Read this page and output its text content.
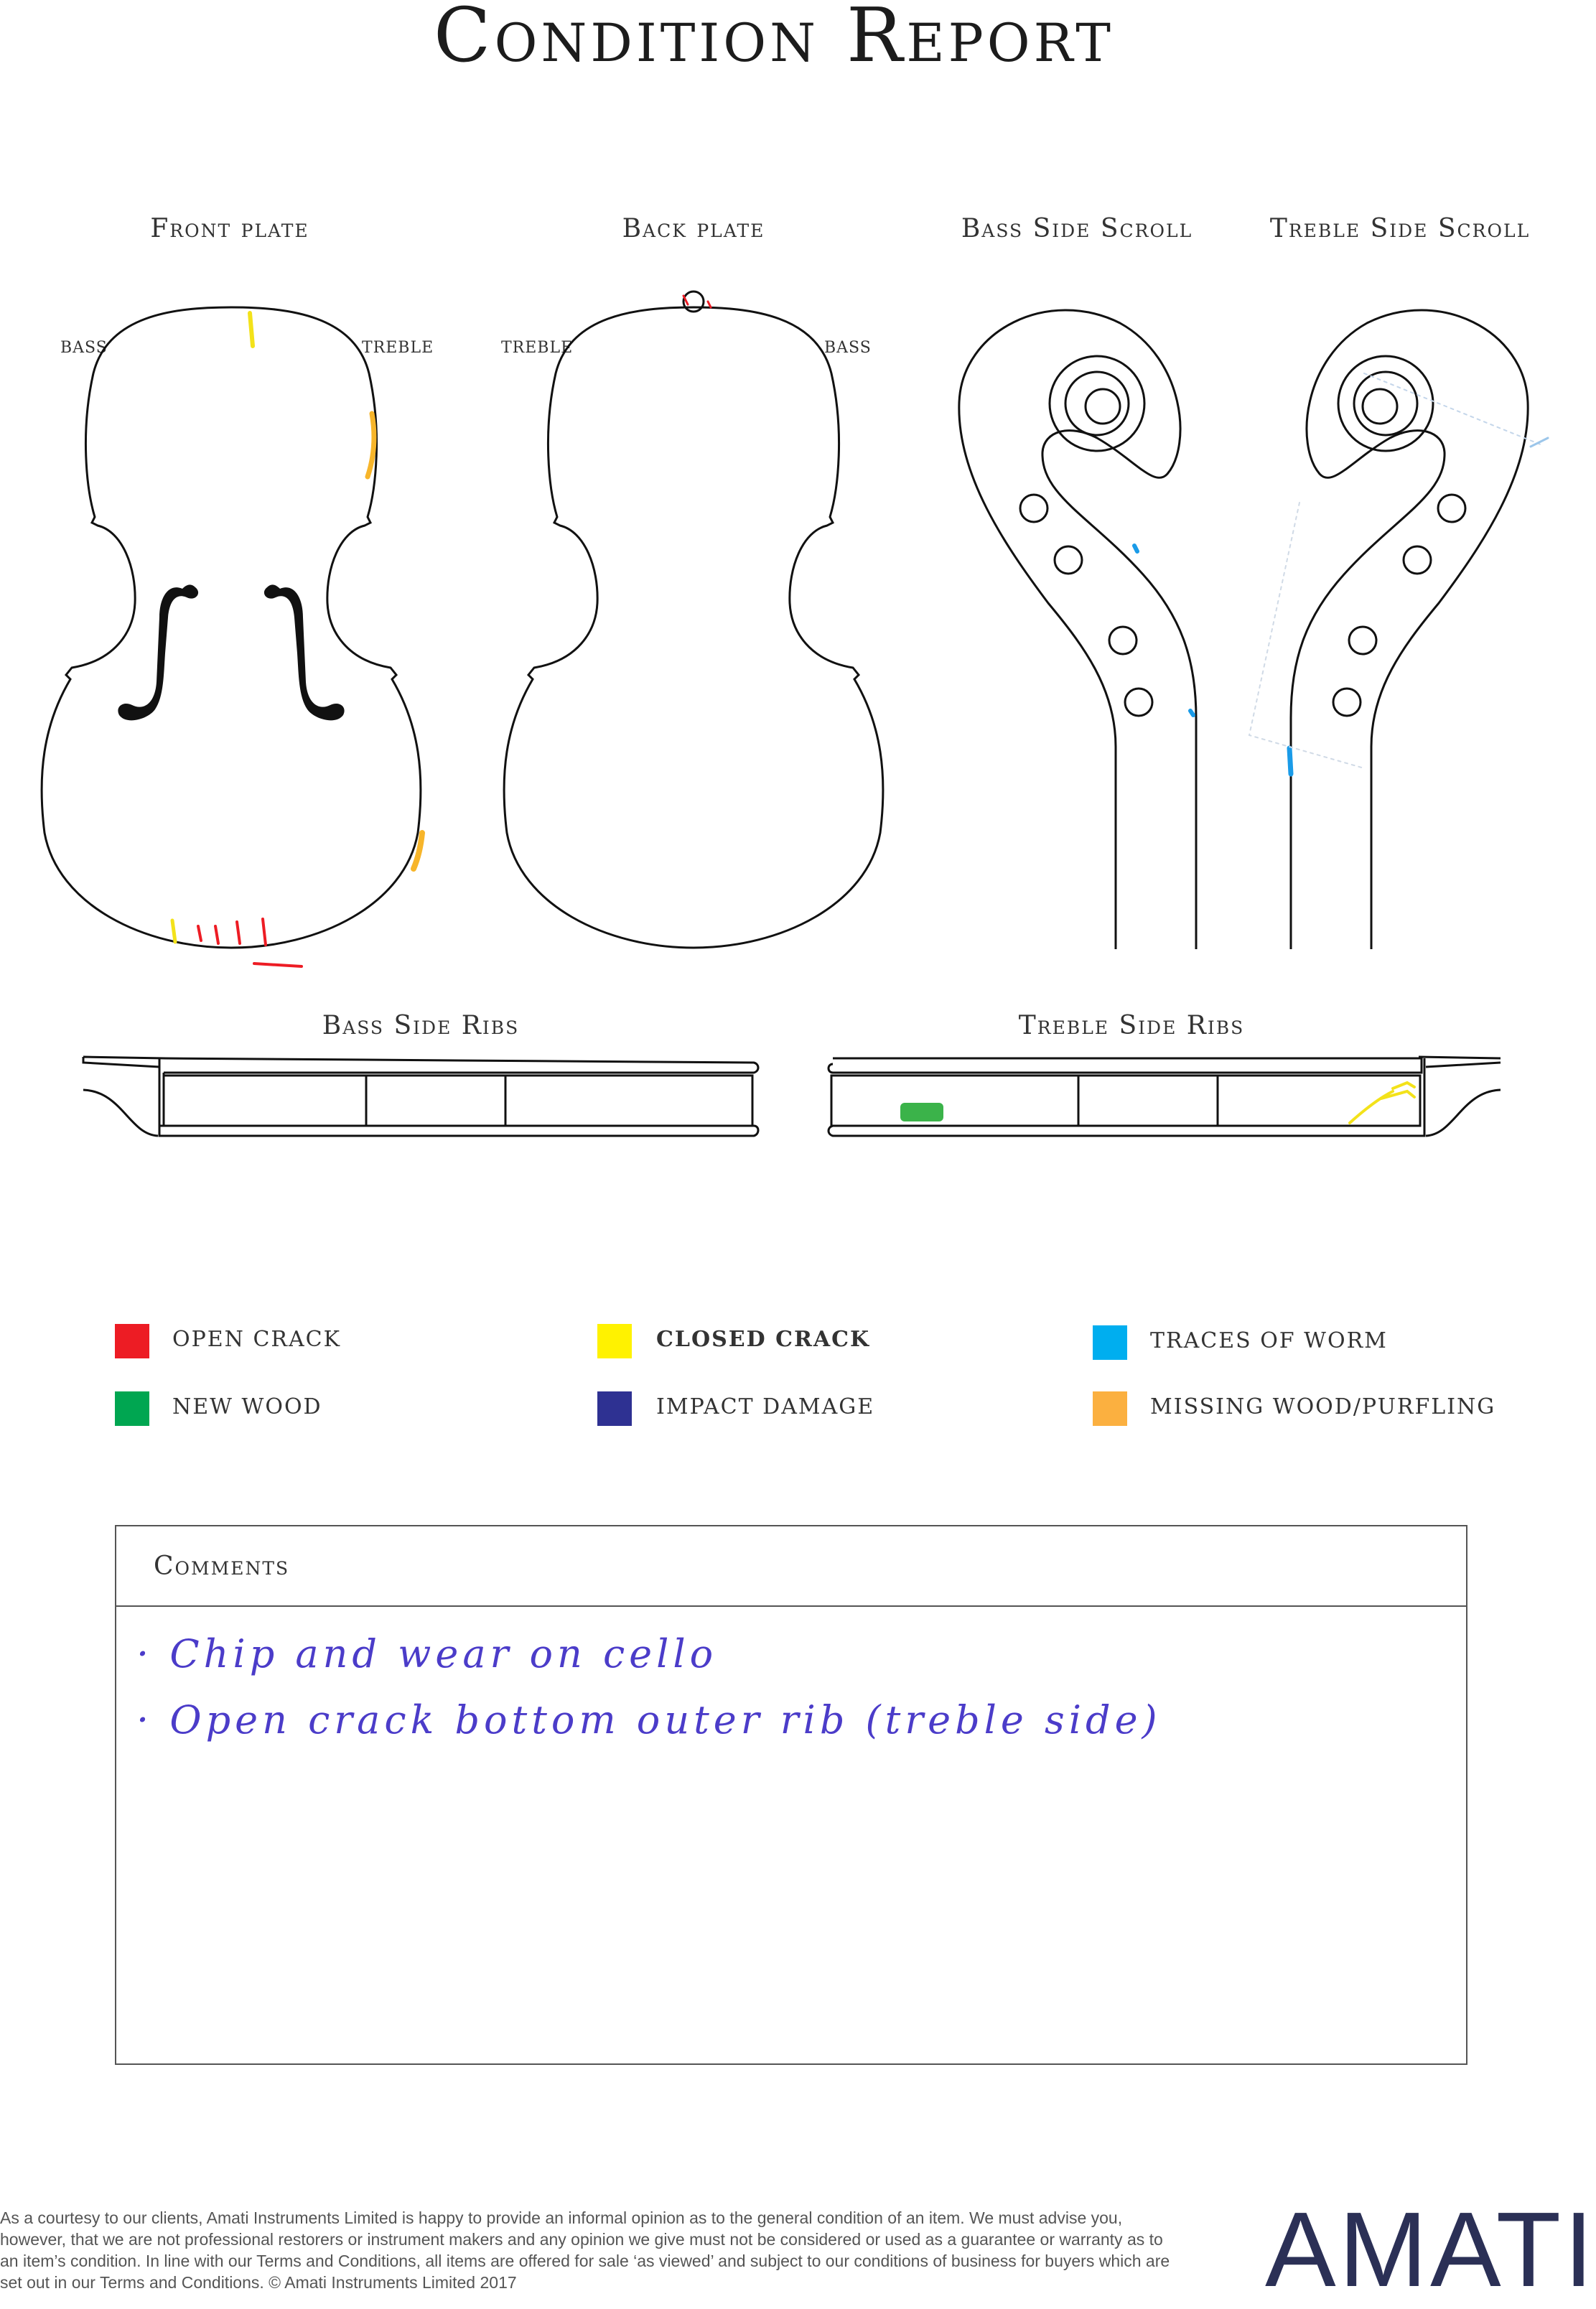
Condition Report
Front plate	Back plate	Bass Side Scroll	Treble Side Scroll
Bass Side Ribs	Treble Side Ribs
BASS	TREBLE	TREBLE	BASS
OPEN CRACK	CLOSED CRACK	TRACES OF WORM
NEW WOOD	IMPACT DAMAGE	MISSING WOOD/PURFLING
Comments
· Chip and wear on cello
· Open crack bottom outer rib (treble side)
As a courtesy to our clients, Amati Instruments Limited is happy to provide an informal opinion as to the general condition of an item. We must advise you, however, that we are not professional restorers or instrument makers and any opinion we give must not be considered or used as a guarantee or warranty as to an item’s condition. In line with our Terms and Conditions, all items are offered for sale ‘as viewed’ and subject to our conditions of business for buyers which are set out in our Terms and Conditions. © Amati Instruments Limited 2017	AMATI
